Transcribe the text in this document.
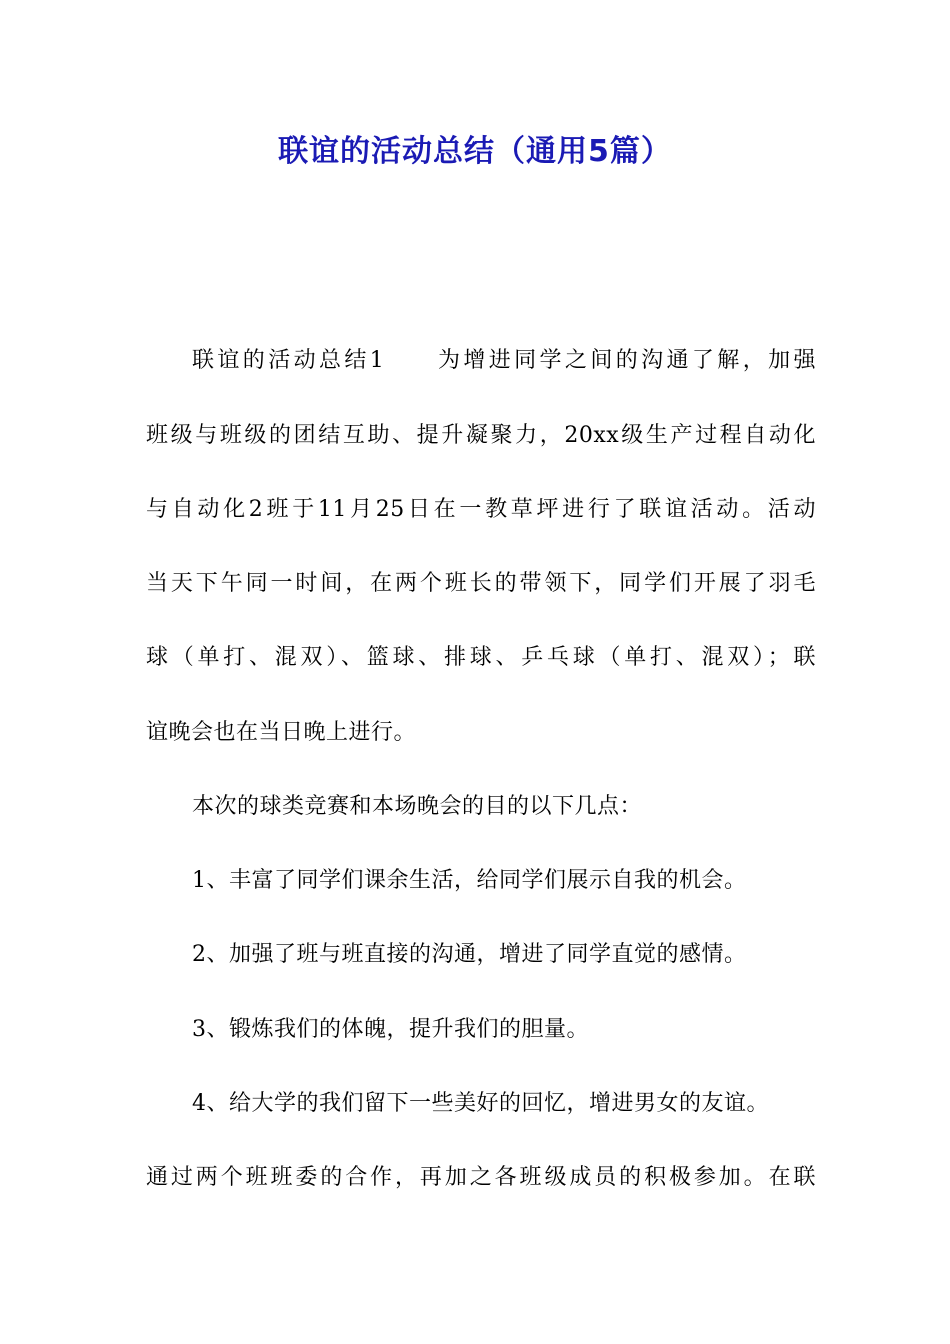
联谊的活动总结（通用5篇）
联谊的活动总结1　　为增进同学之间的沟通了解，加强
班级与班级的团结互助、提升凝聚力，20xx级生产过程自动化
与自动化2班于11月25日在一教草坪进行了联谊活动。活动
当天下午同一时间，在两个班长的带领下，同学们开展了羽毛
球（单打、混双）、篮球、排球、乒乓球（单打、混双）；联
谊晚会也在当日晚上进行。
本次的球类竞赛和本场晚会的目的以下几点：
1、丰富了同学们课余生活，给同学们展示自我的机会。
2、加强了班与班直接的沟通，增进了同学直觉的感情。
3、锻炼我们的体魄，提升我们的胆量。
4、给大学的我们留下一些美好的回忆，增进男女的友谊。
通过两个班班委的合作，再加之各班级成员的积极参加。在联
